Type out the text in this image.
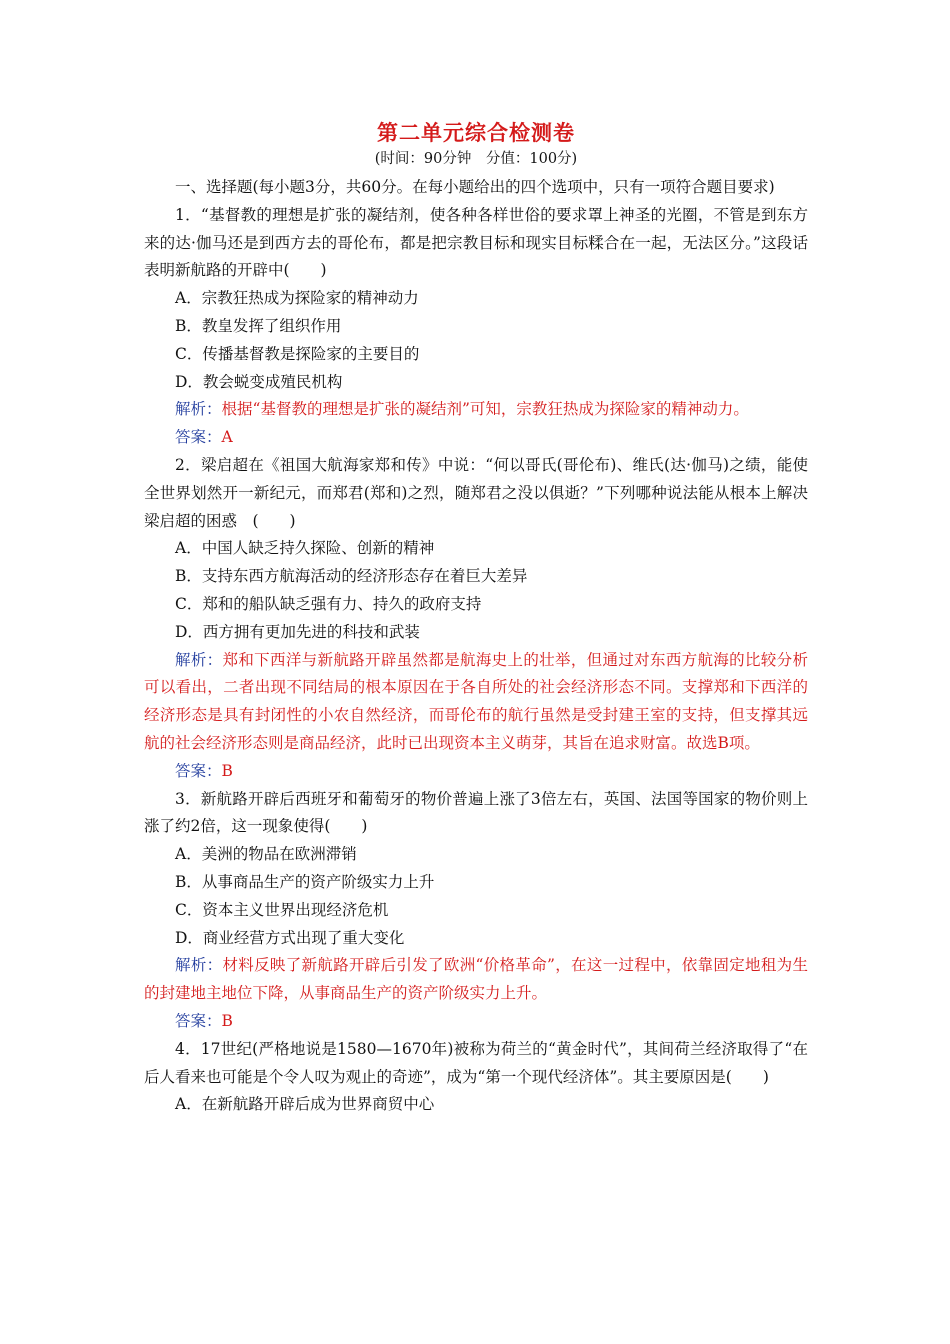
第二单元综合检测卷
(时间：90分钟　分值：100分)

一、选择题(每小题3分，共60分。在每小题给出的四个选项中，只有一项符合题目要求)

1．“基督教的理想是扩张的凝结剂，使各种各样世俗的要求罩上神圣的光圈，不管是到东方来的达·伽马还是到西方去的哥伦布，都是把宗教目标和现实目标糅合在一起，无法区分。”这段话表明新航路的开辟中(　　)

A．宗教狂热成为探险家的精神动力

B．教皇发挥了组织作用

C．传播基督教是探险家的主要目的

D．教会蜕变成殖民机构

解析：根据“基督教的理想是扩张的凝结剂”可知，宗教狂热成为探险家的精神动力。

答案：A

2．梁启超在《祖国大航海家郑和传》中说：“何以哥氏(哥伦布)、维氏(达·伽马)之绩，能使全世界划然开一新纪元，而郑君(郑和)之烈，随郑君之没以俱逝？”下列哪种说法能从根本上解决梁启超的困惑　(　　)

A．中国人缺乏持久探险、创新的精神

B．支持东西方航海活动的经济形态存在着巨大差异

C．郑和的船队缺乏强有力、持久的政府支持

D．西方拥有更加先进的科技和武装

解析：郑和下西洋与新航路开辟虽然都是航海史上的壮举，但通过对东西方航海的比较分析可以看出，二者出现不同结局的根本原因在于各自所处的社会经济形态不同。支撑郑和下西洋的经济形态是具有封闭性的小农自然经济，而哥伦布的航行虽然是受封建王室的支持，但支撑其远航的社会经济形态则是商品经济，此时已出现资本主义萌芽，其旨在追求财富。故选B项。

答案：B

3．新航路开辟后西班牙和葡萄牙的物价普遍上涨了3倍左右，英国、法国等国家的物价则上涨了约2倍，这一现象使得(　　)

A．美洲的物品在欧洲滞销

B．从事商品生产的资产阶级实力上升

C．资本主义世界出现经济危机

D．商业经营方式出现了重大变化

解析：材料反映了新航路开辟后引发了欧洲“价格革命”，在这一过程中，依靠固定地租为生的封建地主地位下降，从事商品生产的资产阶级实力上升。

答案：B

4．17世纪(严格地说是1580—1670年)被称为荷兰的“黄金时代”，其间荷兰经济取得了“在后人看来也可能是个令人叹为观止的奇迹”，成为“第一个现代经济体”。其主要原因是(　　)

A．在新航路开辟后成为世界商贸中心
